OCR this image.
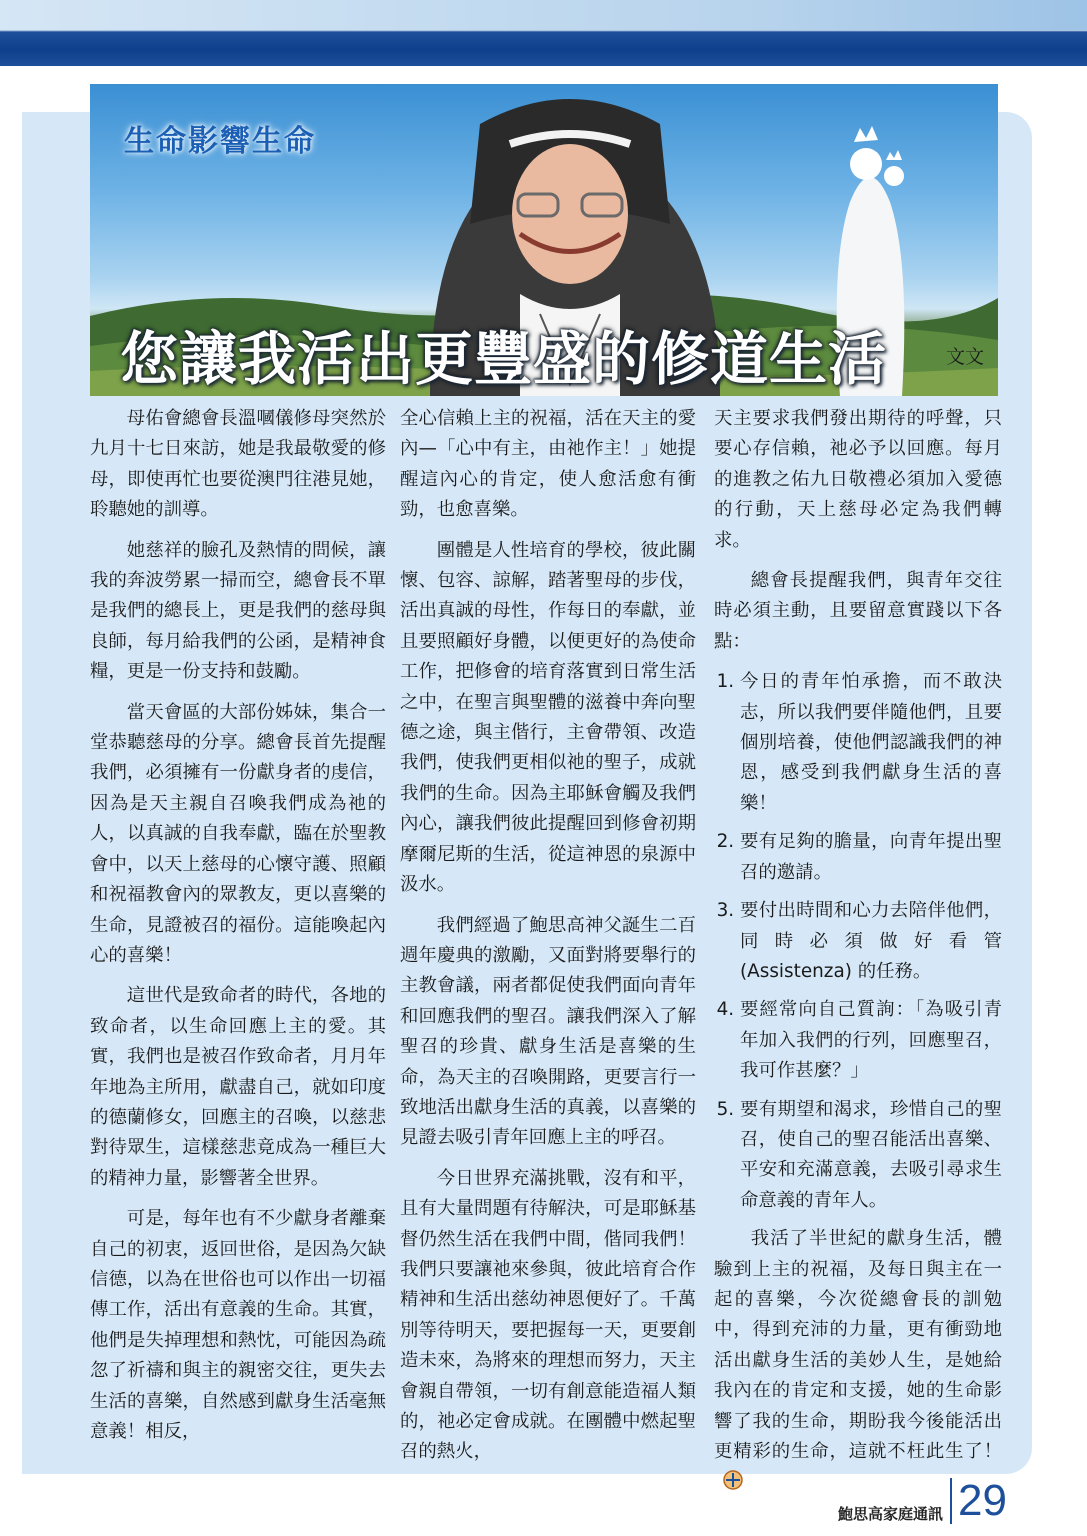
生命影響生命
您讓我活出更豐盛的修道生活	文文

母佑會總會長溫嘓儀修母突然於九月十七日來訪，她是我最敬愛的修母，即使再忙也要從澳門往港見她，聆聽她的訓導。

她慈祥的臉孔及熱情的問候，讓我的奔波勞累一掃而空，總會長不單是我們的總長上，更是我們的慈母與良師，每月給我們的公函，是精神食糧，更是一份支持和鼓勵。

當天會區的大部份姊妹，集合一堂恭聽慈母的分享。總會長首先提醒我們，必須擁有一份獻身者的虔信，因為是天主親自召喚我們成為祂的人，以真誠的自我奉獻，臨在於聖教會中，以天上慈母的心懷守護、照顧和祝福教會內的眾教友，更以喜樂的生命，見證被召的福份。這能喚起內心的喜樂！

這世代是致命者的時代，各地的致命者，以生命回應上主的愛。其實，我們也是被召作致命者，月月年年地為主所用，獻盡自己，就如印度的德蘭修女，回應主的召喚，以慈悲對待眾生，這樣慈悲竟成為一種巨大的精神力量，影響著全世界。

可是，每年也有不少獻身者離棄自己的初衷，返回世俗，是因為欠缺信德，以為在世俗也可以作出一切福傳工作，活出有意義的生命。其實，他們是失掉理想和熱忱，可能因為疏忽了祈禱和與主的親密交往，更失去生活的喜樂，自然感到獻身生活毫無意義！相反，

全心信賴上主的祝福，活在天主的愛內—「心中有主，由祂作主！」她提醒這內心的肯定，使人愈活愈有衝勁，也愈喜樂。

團體是人性培育的學校，彼此關懷、包容、諒解，踏著聖母的步伐，活出真誠的母性，作每日的奉獻，並且要照顧好身體，以便更好的為使命工作，把修會的培育落實到日常生活之中，在聖言與聖體的滋養中奔向聖德之途，與主偕行，主會帶領、改造我們，使我們更相似祂的聖子，成就我們的生命。因為主耶穌會觸及我們內心，讓我們彼此提醒回到修會初期摩爾尼斯的生活，從這神恩的泉源中汲水。

我們經過了鮑思高神父誕生二百週年慶典的激勵，又面對將要舉行的主教會議，兩者都促使我們面向青年和回應我們的聖召。讓我們深入了解聖召的珍貴、獻身生活是喜樂的生命，為天主的召喚開路，更要言行一致地活出獻身生活的真義，以喜樂的見證去吸引青年回應上主的呼召。

今日世界充滿挑戰，沒有和平，且有大量問題有待解決，可是耶穌基督仍然生活在我們中間，偕同我們！我們只要讓祂來參與，彼此培育合作精神和生活出慈幼神恩便好了。千萬別等待明天，要把握每一天，更要創造未來，為將來的理想而努力，天主會親自帶領，一切有創意能造福人類的，祂必定會成就。在團體中燃起聖召的熱火，

天主要求我們發出期待的呼聲，只要心存信賴，祂必予以回應。每月的進教之佑九日敬禮必須加入愛德的行動，天上慈母必定為我們轉求。

總會長提醒我們，與青年交往時必須主動，且要留意實踐以下各點：

1. 今日的青年怕承擔，而不敢決志，所以我們要伴隨他們，且要個別培養，使他們認識我們的神恩，感受到我們獻身生活的喜樂！
2. 要有足夠的膽量，向青年提出聖召的邀請。
3. 要付出時間和心力去陪伴他們，同時必須做好看管 (Assistenza) 的任務。
4. 要經常向自己質詢：「為吸引青年加入我們的行列，回應聖召，我可作甚麼？」
5. 要有期望和渴求，珍惜自己的聖召，使自己的聖召能活出喜樂、平安和充滿意義，去吸引尋求生命意義的青年人。

我活了半世紀的獻身生活，體驗到上主的祝福，及每日與主在一起的喜樂，今次從總會長的訓勉中，得到充沛的力量，更有衝勁地活出獻身生活的美妙人生，是她給我內在的肯定和支援，她的生命影響了我的生命，期盼我今後能活出更精彩的生命，這就不枉此生了！

鮑思高家庭通訊 29
